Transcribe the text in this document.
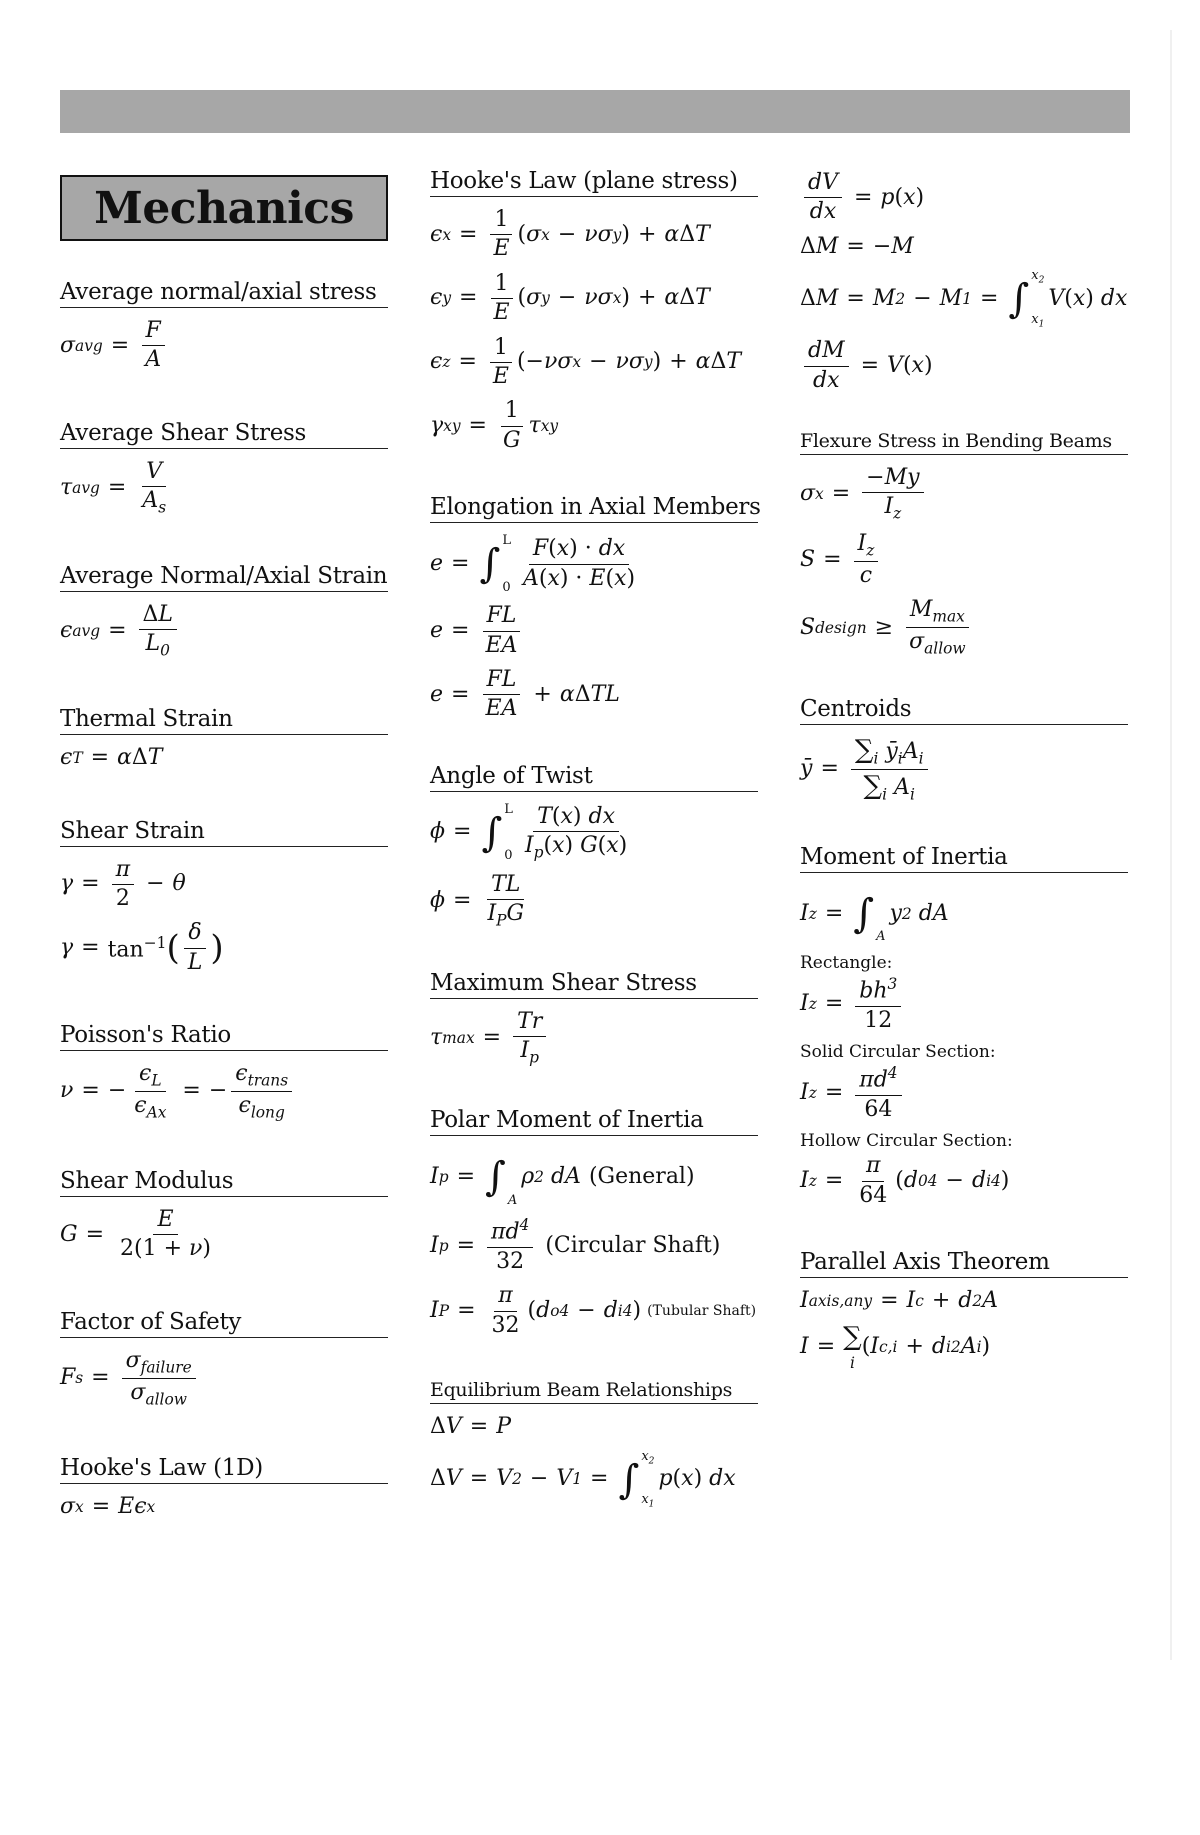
Mechanics
Average normal/axial stress
σ avg = $\frac{F}{A}$
Average Shear Stress
τ avg = $\frac{V}{A_s}$
Average Normal/Axial Strain
ϵ avg = $\frac{\Delta L}{L_0}$
Thermal Strain
ϵ T = α Δ T
Shear Strain
$\gamma = \frac{\pi}{2} - \theta$
$\gamma = \tan^{-1}$ ( $\frac{\delta}{L}$ )
Poisson's Ratio
ν = − $\frac{\epsilon_L}{\epsilon_{Ax}}$ = − $\frac{\epsilon_{trans}}{\epsilon_{long}}$
Shear Modulus
$G = \frac{E}{2(1 + \nu)}$
Factor of Safety
F $s = \frac{\sigma_{failure}}{\sigma_{allow}}$
Hooke's Law (1D)
σ x = Eϵ x
Hooke's Law (plane stress)
ϵ $x = \frac{1}{E}$ ( σ x − νσ y ) + α Δ T
ϵ $y = \frac{1}{E}$ ( σ y − νσ x ) + α Δ T
ϵ $z = \frac{1}{E}$ (− νσ x − νσ y ) + α Δ T
γ xy = $\frac{1}{G}$ τ xy
Elongation in Axial Members
e = ∫
L
$0 \frac{F(x) \cdot dx}{A(x) \cdot E(x)}$
$e = \frac{FL}{EA}$
$e = \frac{FL}{EA} + \alpha$ Δ TL
Angle of Twist
ϕ = ∫
L
$0 \frac{T(x) dx}{I_p(x) G(x)}$
$\phi = \frac{TL}{I_PG}$
Maximum Shear Stress
τ $\max = \frac{Tr}{I_p}$
Polar Moment of Inertia
I p = ∫ A
ρ 2 dA (General)
I $p = \frac{\pi d^4}{32}$ (Circular Shaft)
I $P = \frac{\pi}{32}$ ( d o 4 − d i 4 ) (Tubular Shaft)
Equilibrium Beam Relationships
Δ V = P
Δ V = V 2 − V 1 = ∫
$x_2$
$x_1$
p ( x ) dx
$\frac{dV}{dx} = p$ ( x )
Δ M = − M
Δ M = M 2 − M 1 = ∫
$x_2$
$x_1$
V ( x ) dx
$\frac{dM}{dx} = V$ ( x )
Flexure Stress in Bending Beams
σ $x = \frac{-My}{I_z}$
$S = \frac{I_z}{c}$
S design ≥ $\frac{M_{max}}{\sigma_{allow}}$
Centroids
ȳ = $\frac{\sum_i ȳ_iA_i}{\sum_i A_i}$
Moment of Inertia
I z = ∫ A
y 2 dA
Rectangle:
I $z = \frac{bh^3}{12}$
Solid Circular Section:
I $z = \frac{\pi d^4}{64}$
Hollow Circular Section:
I $z = \frac{\pi}{64}$ ( d 0 4 − d i 4 )
Parallel Axis Theorem
I axis,any = I c + d 2 A
I = ∑
i
( I c,i + d i 2 A i )
